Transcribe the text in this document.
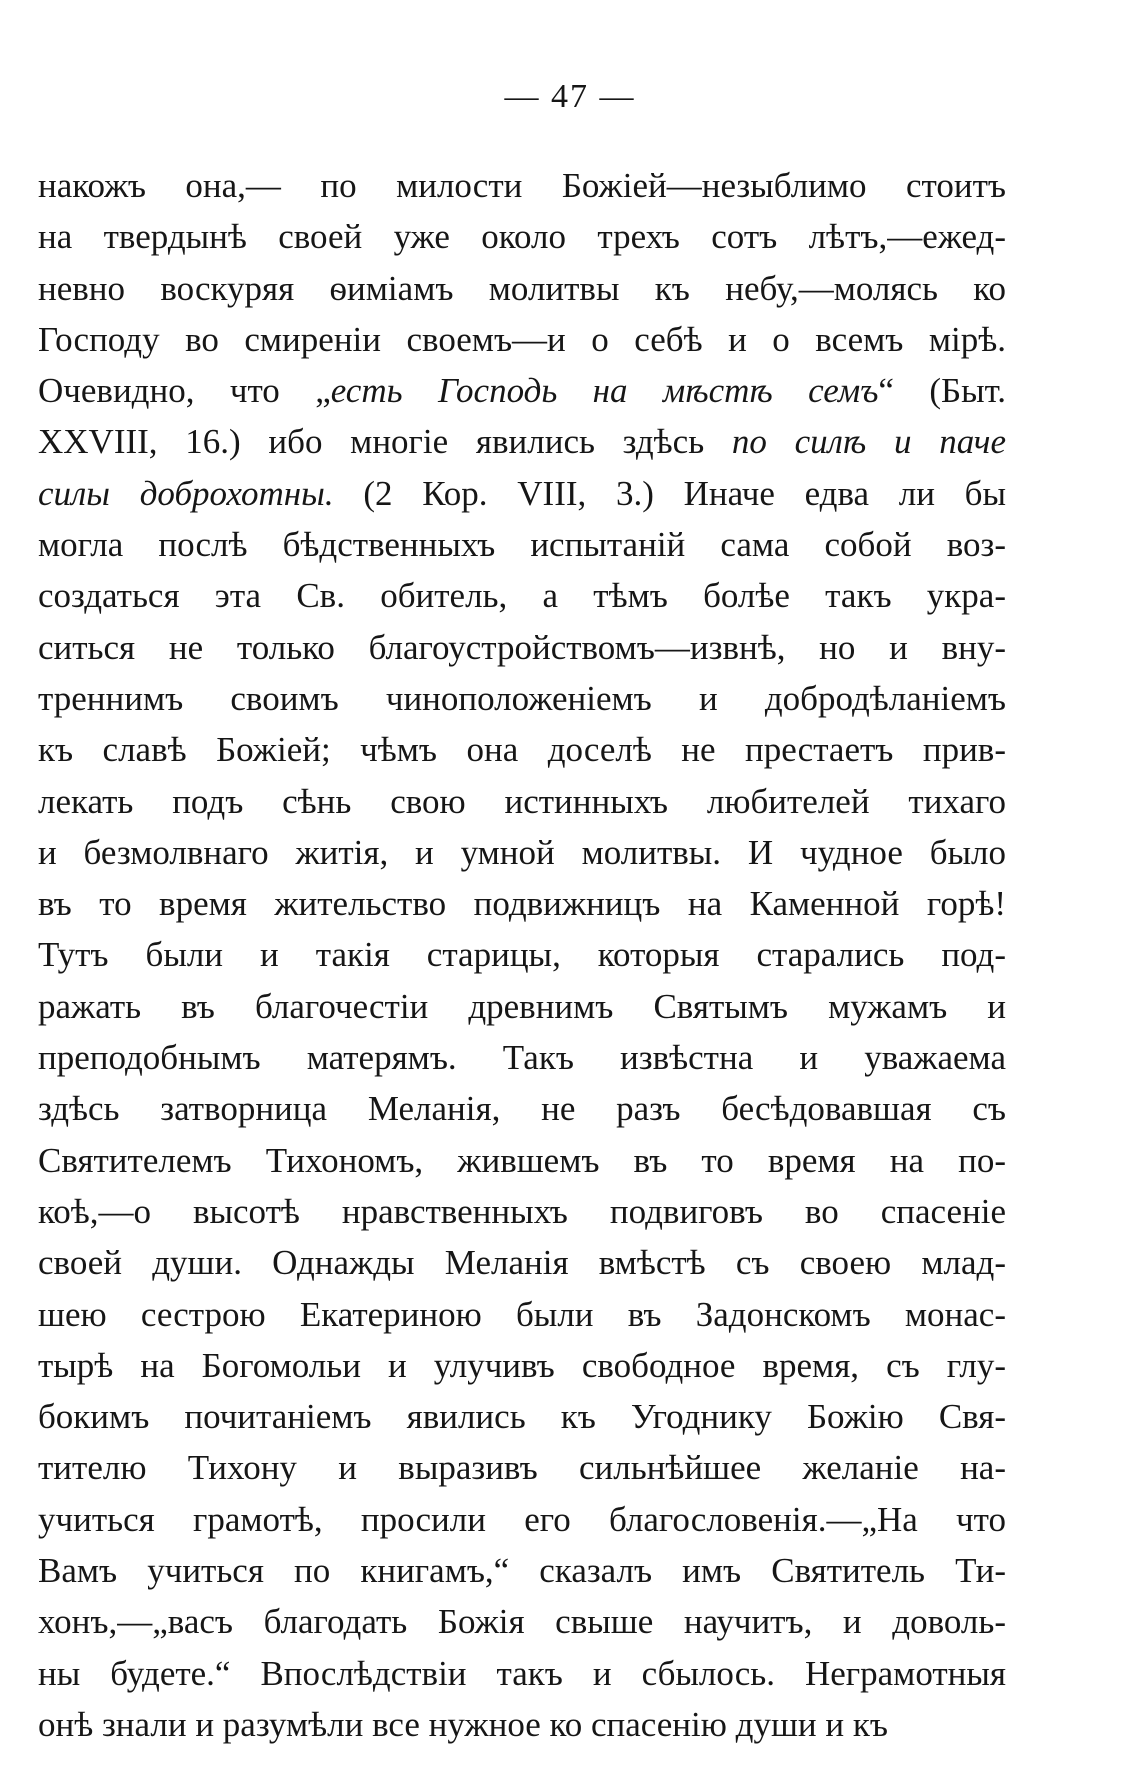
— 47 —
накожъ она,— по милости Божіей—незыблимо стоитъ
на твердынѣ своей уже около трехъ сотъ лѣтъ,—ежед-
невно воскуряя ѳиміамъ молитвы къ небу,—молясь ко
Господу во смиреніи своемъ—и о себѣ и о всемъ мірѣ.
Очевидно, что „есть Господь на мѣстѣ семъ“ (Быт.
XXVIII, 16.) ибо многіе явились здѣсь по силѣ и паче
силы доброхотны. (2 Кор. VIII, 3.) Иначе едва ли бы
могла послѣ бѣдственныхъ испытаній сама собой воз-
создаться эта Св. обитель, а тѣмъ болѣе такъ укра-
ситься не только благоустройствомъ—извнѣ, но и вну-
треннимъ своимъ чиноположеніемъ и добродѣланіемъ
къ славѣ Божіей; чѣмъ она доселѣ не престаетъ прив-
лекать подъ сѣнь свою истинныхъ любителей тихаго
и безмолвнаго житія, и умной молитвы. И чудное было
въ то время жительство подвижницъ на Каменной горѣ!
Тутъ были и такія старицы, которыя старались под-
ражать въ благочестіи древнимъ Святымъ мужамъ и
преподобнымъ матерямъ. Такъ извѣстна и уважаема
здѣсь затворница Меланія, не разъ бесѣдовавшая съ
Святителемъ Тихономъ, жившемъ въ то время на по-
коѣ,—о высотѣ нравственныхъ подвиговъ во спасеніе
своей души. Однажды Меланія вмѣстѣ съ своею млад-
шею сестрою Екатериною были въ Задонскомъ монас-
тырѣ на Богомольи и улучивъ свободное время, съ глу-
бокимъ почитаніемъ явились къ Угоднику Божію Свя-
тителю Тихону и выразивъ сильнѣйшее желаніе на-
учиться грамотѣ, просили его благословенія.—„На что
Вамъ учиться по книгамъ,“ сказалъ имъ Святитель Ти-
хонъ,—„васъ благодать Божія свыше научитъ, и доволь-
ны будете.“ Впослѣдствіи такъ и сбылось. Неграмотныя
онѣ знали и разумѣли все нужное ко спасенію души и къ
